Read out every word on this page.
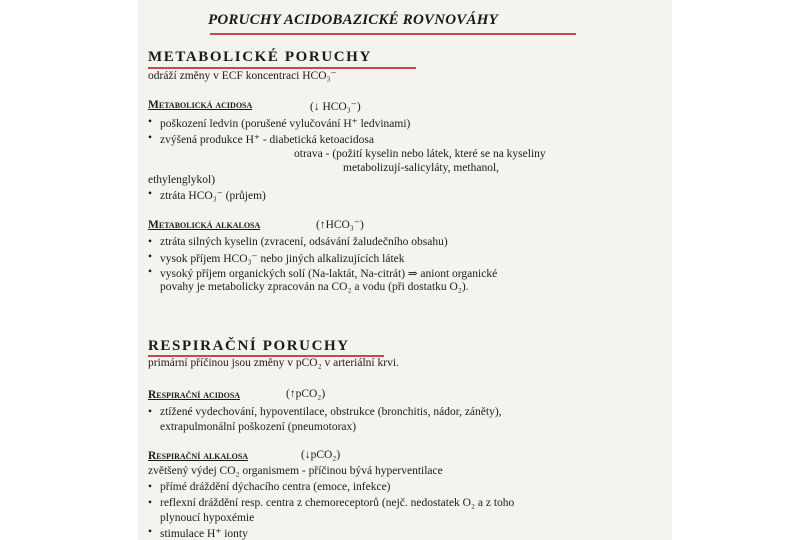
PORUCHY ACIDOBAZICKÉ ROVNOVÁHY
METABOLICKÉ PORUCHY
odráží změny v ECF koncentraci HCO₃⁻
Metabolická acidosa	(↓ HCO₃⁻)
• poškození ledvin (porušené vylučování H⁺ ledvinami)
• zvýšená produkce H⁺ - diabetická ketoacidosa
otrava - (požití kyselin nebo látek, které se na kyseliny
metabolizují-salicyláty, methanol,
ethylenglykol)
• ztráta HCO₃⁻ (průjem)
Metabolická alkalosa	(↑HCO₃⁻)
• ztráta silných kyselin (zvracení, odsávání žaludečního obsahu)
• vysok příjem HCO₃⁻ nebo jiných alkalizujících látek
• vysoký příjem organických solí (Na-laktát, Na-citrát) ⇒ aniont organické
povahy je metabolicky zpracován na CO₂ a vodu (při dostatku O₂).
RESPIRAČNÍ PORUCHY
primární příčinou jsou změny v pCO₂ v arteriální krvi.
Respirační acidosa	(↑pCO₂)
• ztížené vydechování, hypoventilace, obstrukce (bronchitis, nádor, záněty),
extrapulmonální poškození (pneumotorax)
Respirační alkalosa	(↓pCO₂)
zvětšený výdej CO₂ organismem - příčinou bývá hyperventilace
• přímé dráždění dýchacího centra (emoce, infekce)
• reflexní dráždění resp. centra z chemoreceptorů (nejč. nedostatek O₂ a z toho
plynoucí hypoxémie
• stimulace H⁺ ionty
